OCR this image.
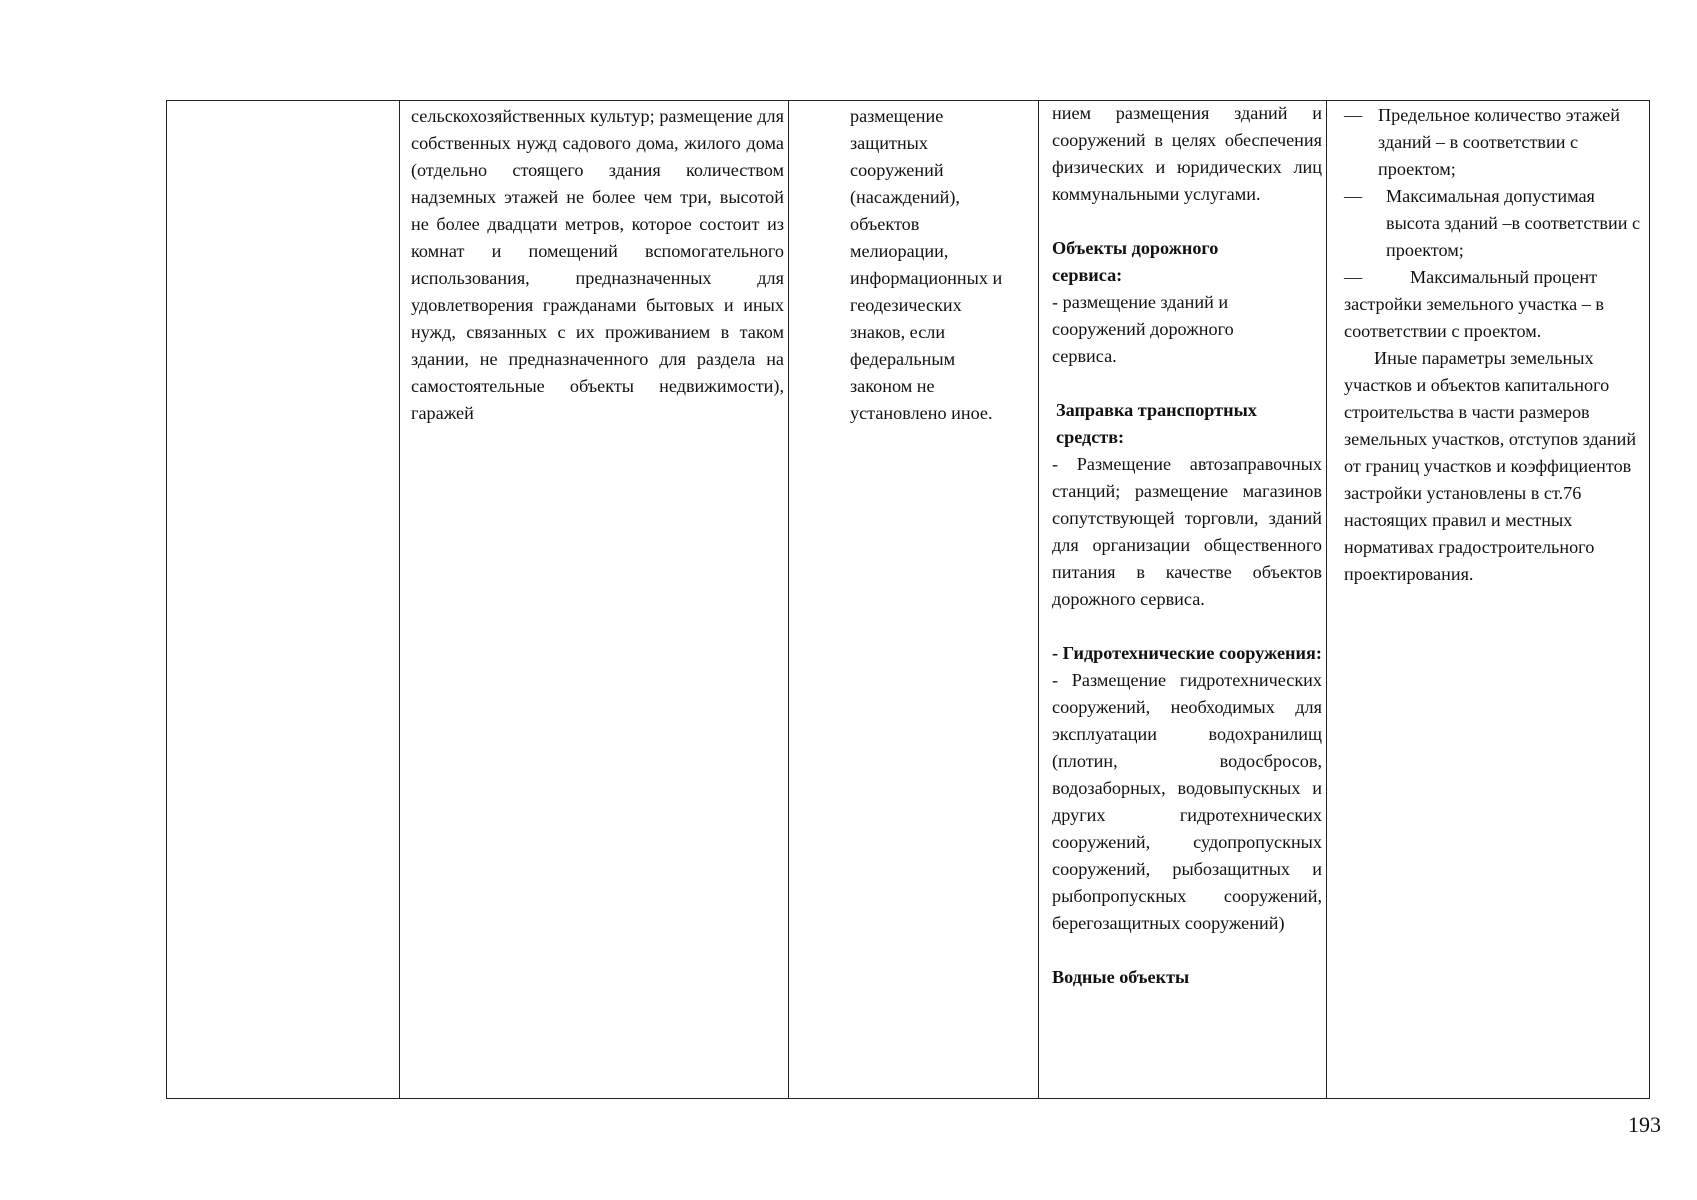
сельскохозяйственных культур; размещение для собственных нужд садового дома, жилого дома (отдельно стоящего здания количеством надземных этажей не более чем три, высотой не более двадцати метров, которое состоит из комнат и помещений вспомогательного использования, предназначенных для удовлетворения гражданами бытовых и иных нужд, связанных с их проживанием в таком здании, не предназначенного для раздела на самостоятельные объекты недвижимости), гаражей

размещение
защитных
сооружений
(насаждений),
объектов
мелиорации,
информационных и
геодезических
знаков, если
федеральным
законом не
установлено иное.

нием размещения зданий и сооружений в целях обеспечения физических и юридических лиц коммунальными услугами.

Объекты дорожного сервиса:

- размещение зданий и сооружений дорожного сервиса.

Заправка транспортных средств:

- Размещение автозаправочных станций; размещение магазинов сопутствующей торговли, зданий для организации общественного питания в качестве объектов дорожного сервиса.

- Гидротехнические сооружения:

- Размещение гидротехнических сооружений, необходимых для эксплуатации водохранилищ (плотин, водосбросов, водозаборных, водовыпускных и других гидротехнических сооружений, судопропускных сооружений, рыбозащитных и рыбопропускных сооружений, берегозащитных сооружений)

Водные объекты

— Предельное количество этажей зданий – в соответствии с проектом;
—	Максимальная допустимая высота зданий –в соответствии с проектом;
—	Максимальный процент

застройки земельного участка – в соответствии с проектом.

Иные параметры земельных участков и объектов капитального строительства в части размеров земельных участков, отступов зданий от границ участков и коэффициентов застройки установлены в ст.76 настоящих правил и местных нормативах градостроительного проектирования.

193
